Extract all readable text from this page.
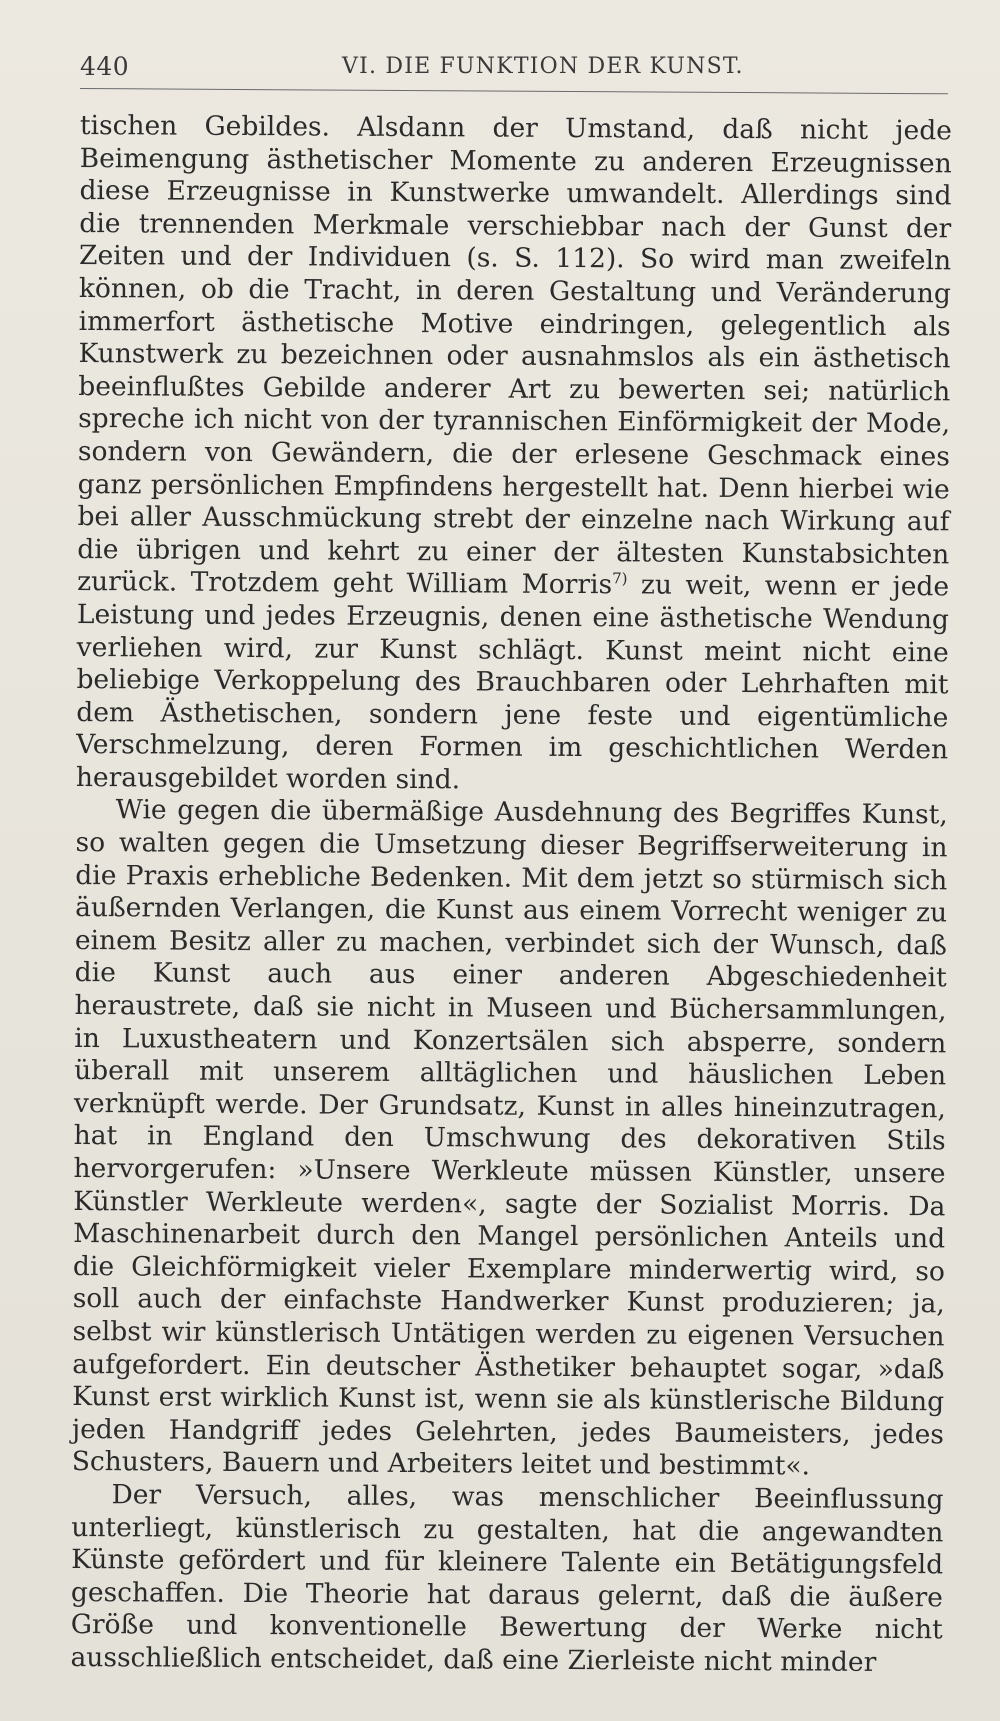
440	VI. DIE FUNKTION DER KUNST.

tischen Gebildes. Alsdann der Umstand, daß nicht jede Beimengung ästhetischer Momente zu anderen Erzeugnissen diese Erzeugnisse in Kunstwerke umwandelt. Allerdings sind die trennenden Merkmale verschiebbar nach der Gunst der Zeiten und der Individuen (s. S. 112). So wird man zweifeln können, ob die Tracht, in deren Gestaltung und Veränderung immerfort ästhetische Motive eindringen, gelegentlich als Kunstwerk zu bezeichnen oder ausnahmslos als ein ästhetisch beeinflußtes Gebilde anderer Art zu bewerten sei; natürlich spreche ich nicht von der tyrannischen Einförmigkeit der Mode, sondern von Gewändern, die der erlesene Geschmack eines ganz persönlichen Empfindens hergestellt hat. Denn hierbei wie bei aller Ausschmückung strebt der einzelne nach Wirkung auf die übrigen und kehrt zu einer der ältesten Kunstabsichten zurück. Trotzdem geht William Morris$^{7)}$ zu weit, wenn er jede Leistung und jedes Erzeugnis, denen eine ästhetische Wendung verliehen wird, zur Kunst schlägt. Kunst meint nicht eine beliebige Verkoppelung des Brauchbaren oder Lehrhaften mit dem Ästhetischen, sondern jene feste und eigentümliche Verschmelzung, deren Formen im geschichtlichen Werden herausgebildet worden sind.

Wie gegen die übermäßige Ausdehnung des Begriffes Kunst, so walten gegen die Umsetzung dieser Begriffserweiterung in die Praxis erhebliche Bedenken. Mit dem jetzt so stürmisch sich äußernden Verlangen, die Kunst aus einem Vorrecht weniger zu einem Besitz aller zu machen, verbindet sich der Wunsch, daß die Kunst auch aus einer anderen Abgeschiedenheit heraustrete, daß sie nicht in Museen und Büchersammlungen, in Luxustheatern und Konzertsälen sich absperre, sondern überall mit unserem alltäglichen und häuslichen Leben verknüpft werde. Der Grundsatz, Kunst in alles hineinzutragen, hat in England den Umschwung des dekorativen Stils hervorgerufen: »Unsere Werkleute müssen Künstler, unsere Künstler Werkleute werden«, sagte der Sozialist Morris. Da Maschinenarbeit durch den Mangel persönlichen Anteils und die Gleichförmigkeit vieler Exemplare minderwertig wird, so soll auch der einfachste Handwerker Kunst produzieren; ja, selbst wir künstlerisch Untätigen werden zu eigenen Versuchen aufgefordert. Ein deutscher Ästhetiker behauptet sogar, »daß Kunst erst wirklich Kunst ist, wenn sie als künstlerische Bildung jeden Handgriff jedes Gelehrten, jedes Baumeisters, jedes Schusters, Bauern und Arbeiters leitet und bestimmt«.

Der Versuch, alles, was menschlicher Beeinflussung unterliegt, künstlerisch zu gestalten, hat die angewandten Künste gefördert und für kleinere Talente ein Betätigungsfeld geschaffen. Die Theorie hat daraus gelernt, daß die äußere Größe und konventionelle Bewertung der Werke nicht ausschließlich entscheidet, daß eine Zierleiste nicht minder
